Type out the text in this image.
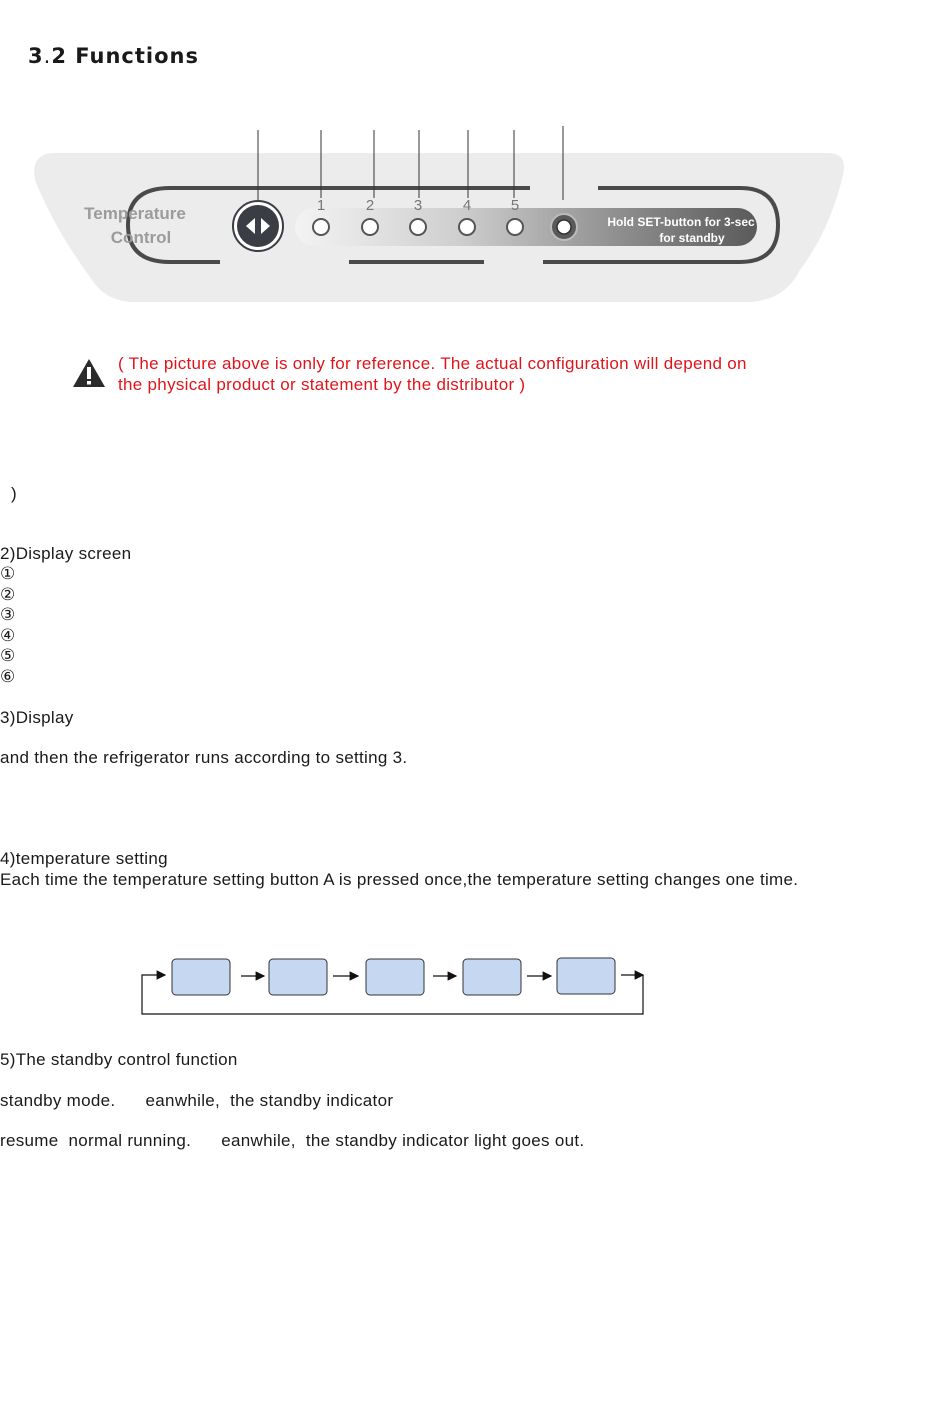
3.2 Functions
Temperature
Control
1	2	3	4	5
Hold SET-button for 3-sec
for standby
( The picture above is only for reference. The actual configuration will depend on
the physical product or statement by the distributor )
)
2)Display screen
①
②
③
④
⑤
⑥
3)Display
and then the refrigerator runs according to setting 3.
4)temperature setting
Each time the temperature setting button A is pressed once,the temperature setting changes one time.
5)The standby control function
standby mode.      eanwhile,  the standby indicator
resume  normal running.      eanwhile,  the standby indicator light goes out.
